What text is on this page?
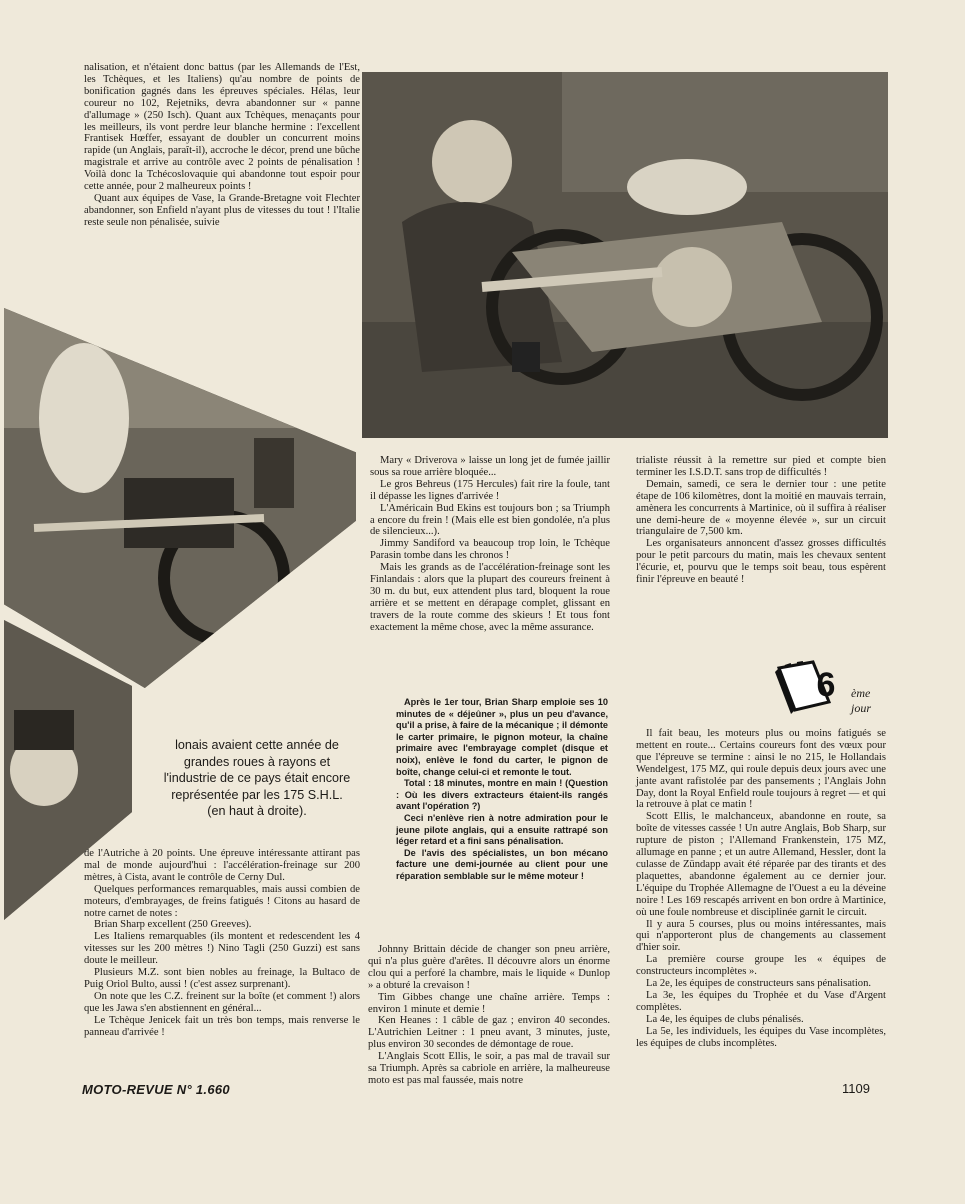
nalisation, et n'étaient donc battus (par les Allemands de l'Est, les Tchèques, et les Italiens) qu'au nombre de points de bonification gagnés dans les épreuves spéciales. Hélas, leur coureur no 102, Rejetniks, devra abandonner sur « panne d'allumage » (250 Isch). Quant aux Tchèques, menaçants pour les meilleurs, ils vont perdre leur blanche hermine : l'excellent Frantisek Hœffer, essayant de doubler un concurrent moins rapide (un Anglais, paraît-il), accroche le décor, prend une bûche magistrale et arrive au contrôle avec 2 points de pénalisation ! Voilà donc la Tchécoslovaquie qui abandonne tout espoir pour cette année, pour 2 malheureux points !

Quant aux équipes de Vase, la Grande-Bretagne voit Flechter abandonner, son Enfield n'ayant plus de vitesses du tout ! l'Italie reste seule non pénalisée, suivie

lonais avaient cette année de grandes roues à rayons et l'industrie de ce pays était encore représentée par les 175 S.H.L. (en haut à droite).

de l'Autriche à 20 points. Une épreuve intéressante attirant pas mal de monde aujourd'hui : l'accélération-freinage sur 200 mètres, à Cista, avant le contrôle de Cerny Dul.

Quelques performances remarquables, mais aussi combien de moteurs, d'embrayages, de freins fatigués ! Citons au hasard de notre carnet de notes :

Brian Sharp excellent (250 Greeves).

Les Italiens remarquables (ils montent et redescendent les 4 vitesses sur les 200 mètres !) Nino Tagli (250 Guzzi) est sans doute le meilleur.

Plusieurs M.Z. sont bien nobles au freinage, la Bultaco de Puig Oriol Bulto, aussi ! (c'est assez surprenant).

On note que les C.Z. freinent sur la boîte (et comment !) alors que les Jawa s'en abstiennent en général...

Le Tchèque Jenicek fait un très bon temps, mais renverse le panneau d'arrivée !

Mary « Driverova » laisse un long jet de fumée jaillir sous sa roue arrière bloquée...

Le gros Behreus (175 Hercules) fait rire la foule, tant il dépasse les lignes d'arrivée !

L'Américain Bud Ekins est toujours bon ; sa Triumph a encore du frein ! (Mais elle est bien gondolée, n'a plus de silencieux...).

Jimmy Sandiford va beaucoup trop loin, le Tchèque Parasin tombe dans les chronos !

Mais les grands as de l'accélération-freinage sont les Finlandais : alors que la plupart des coureurs freinent à 30 m. du but, eux attendent plus tard, bloquent la roue arrière et se mettent en dérapage complet, glissant en travers de la route comme des skieurs ! Et tous font exactement la même chose, avec la même assurance.

Après le 1er tour, Brian Sharp emploie ses 10 minutes de « déjeûner », plus un peu d'avance, qu'il a prise, à faire de la mécanique ; il démonte le carter primaire, le pignon moteur, la chaîne primaire avec l'embrayage complet (disque et noix), enlève le fond du carter, le pignon de boîte, change celui-ci et remonte le tout.

Total : 18 minutes, montre en main ! (Question : Où les divers extracteurs étaient-ils rangés avant l'opération ?)

Ceci n'enlève rien à notre admiration pour le jeune pilote anglais, qui a ensuite rattrapé son léger retard et a fini sans pénalisation.

De l'avis des spécialistes, un bon mécano facture une demi-journée au client pour une réparation semblable sur le même moteur !

Johnny Brittain décide de changer son pneu arrière, qui n'a plus guère d'arêtes. Il découvre alors un énorme clou qui a perforé la chambre, mais le liquide « Dunlop » a obturé la crevaison !

Tim Gibbes change une chaîne arrière. Temps : environ 1 minute et demie !

Ken Heanes : 1 câble de gaz ; environ 40 secondes. L'Autrichien Leitner : 1 pneu avant, 3 minutes, juste, plus environ 30 secondes de démontage de roue.

L'Anglais Scott Ellis, le soir, a pas mal de travail sur sa Triumph. Après sa cabriole en arrière, la malheureuse moto est pas mal faussée, mais notre

trialiste réussit à la remettre sur pied et compte bien terminer les I.S.D.T. sans trop de difficultés !

Demain, samedi, ce sera le dernier tour : une petite étape de 106 kilomètres, dont la moitié en mauvais terrain, amènera les concurrents à Martinice, où il suffira à réaliser une demi-heure de « moyenne élevée », sur un circuit triangulaire de 7,500 km.

Les organisateurs annoncent d'assez grosses difficultés pour le petit parcours du matin, mais les chevaux sentent l'écurie, et, pourvu que le temps soit beau, tous espèrent finir l'épreuve en beauté !

6	ème jour

Il fait beau, les moteurs plus ou moins fatigués se mettent en route... Certains coureurs font des vœux pour que l'épreuve se termine : ainsi le no 215, le Hollandais Wendelgest, 175 MZ, qui roule depuis deux jours avec une jante avant rafistolée par des pansements ; l'Anglais John Day, dont la Royal Enfield roule toujours à regret — et qui la retrouve à plat ce matin !

Scott Ellis, le malchanceux, abandonne en route, sa boîte de vitesses cassée ! Un autre Anglais, Bob Sharp, sur rupture de piston ; l'Allemand Frankenstein, 175 MZ, allumage en panne ; et un autre Allemand, Hessler, dont la culasse de Zündapp avait été réparée par des tirants et des plaquettes, abandonne également au ce dernier jour. L'équipe du Trophée Allemagne de l'Ouest a eu la déveine noire ! Les 169 rescapés arrivent en bon ordre à Martinice, où une foule nombreuse et disciplinée garnit le circuit.

Il y aura 5 courses, plus ou moins intéressantes, mais qui n'apporteront plus de changements au classement d'hier soir.

La première course groupe les « équipes de constructeurs incomplètes ».

La 2e, les équipes de constructeurs sans pénalisation.

La 3e, les équipes du Trophée et du Vase d'Argent complètes.

La 4e, les équipes de clubs pénalisés.

La 5e, les individuels, les équipes du Vase incomplètes, les équipes de clubs incomplètes.

MOTO-REVUE N° 1.660	1109
